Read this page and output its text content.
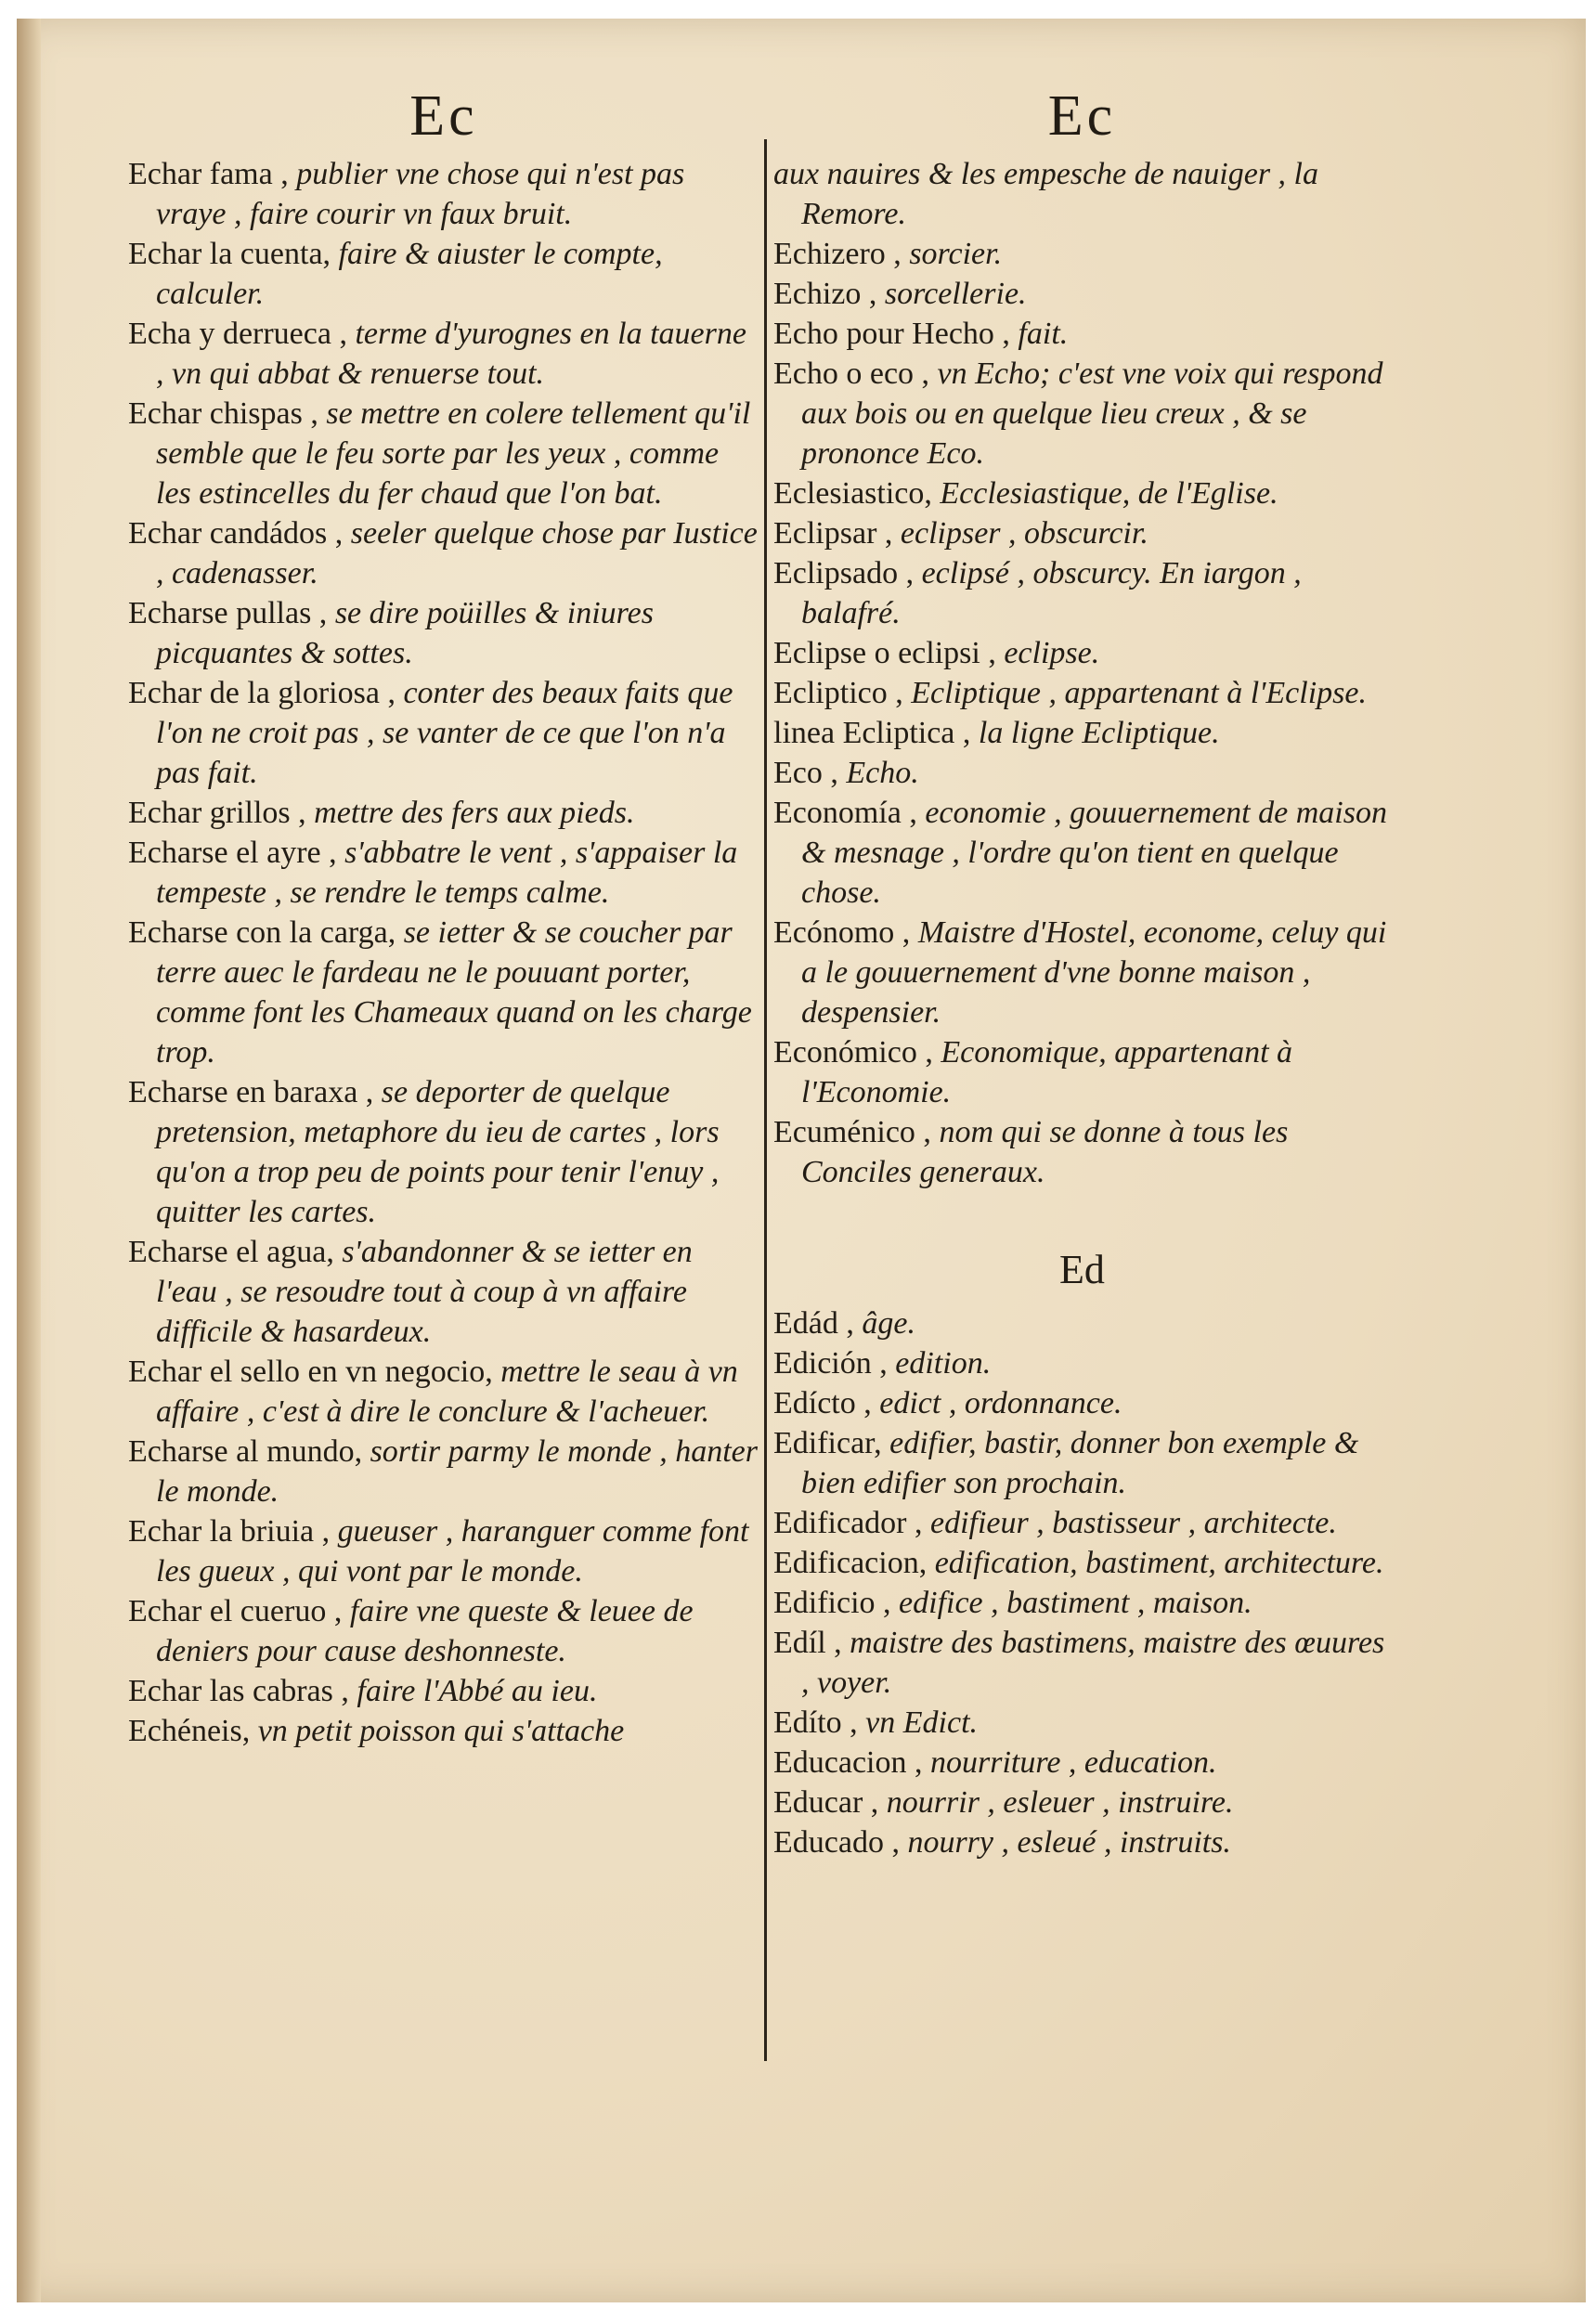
Ec

Echar fama , publier vne chose qui n'est pas vraye , faire courir vn faux bruit.

Echar la cuenta, faire & aiuster le compte, calculer.

Echa y derrueca , terme d'yurognes en la tauerne , vn qui abbat & renuerse tout.

Echar chispas , se mettre en colere tellement qu'il semble que le feu sorte par les yeux , comme les estincelles du fer chaud que l'on bat.

Echar candádos , seeler quelque chose par Iustice , cadenasser.

Echarse pullas , se dire poüilles & iniures picquantes & sottes.

Echar de la gloriosa , conter des beaux faits que l'on ne croit pas , se vanter de ce que l'on n'a pas fait.

Echar grillos , mettre des fers aux pieds.

Echarse el ayre , s'abbatre le vent , s'appaiser la tempeste , se rendre le temps calme.

Echarse con la carga, se ietter & se coucher par terre auec le fardeau ne le pouuant porter, comme font les Chameaux quand on les charge trop.

Echarse en baraxa , se deporter de quelque pretension, metaphore du ieu de cartes , lors qu'on a trop peu de points pour tenir l'enuy , quitter les cartes.

Echarse el agua, s'abandonner & se ietter en l'eau , se resoudre tout à coup à vn affaire difficile & hasardeux.

Echar el sello en vn negocio, mettre le seau à vn affaire , c'est à dire le conclure & l'acheuer.

Echarse al mundo, sortir parmy le monde , hanter le monde.

Echar la briuia , gueuser , haranguer comme font les gueux , qui vont par le monde.

Echar el cueruo , faire vne queste & leuee de deniers pour cause deshonneste.

Echar las cabras , faire l'Abbé au ieu.

Echéneis, vn petit poisson qui s'attache

Ec

aux nauires & les empesche de nauiger , la Remore.

Echizero , sorcier.

Echizo , sorcellerie.

Echo pour Hecho , fait.

Echo o eco , vn Echo; c'est vne voix qui respond aux bois ou en quelque lieu creux , & se prononce Eco.

Eclesiastico, Ecclesiastique, de l'Eglise.

Eclipsar , eclipser , obscurcir.

Eclipsado , eclipsé , obscurcy. En iargon , balafré.

Eclipse o eclipsi , eclipse.

Ecliptico , Ecliptique , appartenant à l'Eclipse.

linea Ecliptica , la ligne Ecliptique.

Eco , Echo.

Economía , economie , gouuernement de maison & mesnage , l'ordre qu'on tient en quelque chose.

Ecónomo , Maistre d'Hostel, econome, celuy qui a le gouuernement d'vne bonne maison , despensier.

Económico , Economique, appartenant à l'Economie.

Ecuménico , nom qui se donne à tous les Conciles generaux.

Ed

Edád , âge.

Edición , edition.

Edícto , edict , ordonnance.

Edificar, edifier, bastir, donner bon exemple & bien edifier son prochain.

Edificador , edifieur , bastisseur , architecte.

Edificacion, edification, bastiment, architecture.

Edificio , edifice , bastiment , maison.

Edíl , maistre des bastimens, maistre des œuures , voyer.

Edíto , vn Edict.

Educacion , nourriture , education.

Educar , nourrir , esleuer , instruire.

Educado , nourry , esleué , instruits.
